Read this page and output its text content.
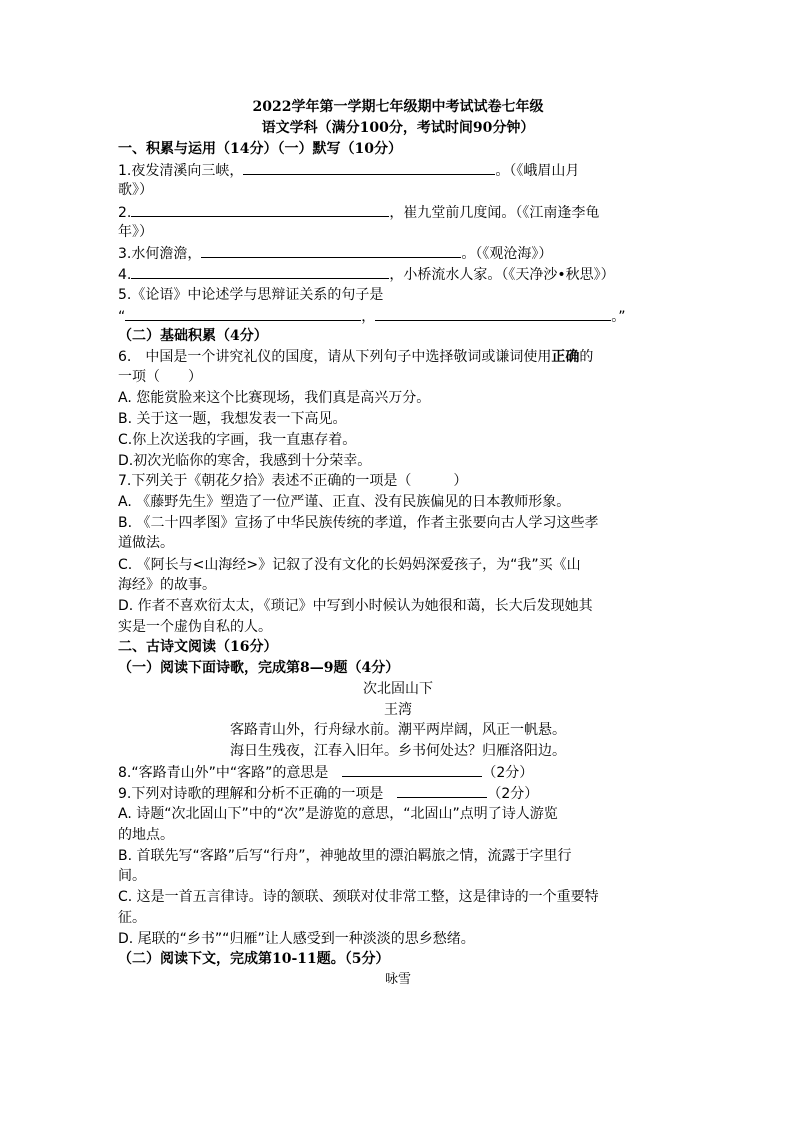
2022学年第一学期七年级期中考试试卷七年级
语文学科（满分100分，考试时间90分钟）
一、积累与运用（14分）（一）默写（10分）
1.夜发清溪向三峡，	。（《峨眉山月
歌》）
2.	，崔九堂前几度闻。（《江南逢李龟
年》）
3.水何澹澹，	。（《观沧海》）
4.	，小桥流水人家。（《天净沙•秋思》）
5.《论语》中论述学与思辩证关系的句子是
“	，	。”
（二）基础积累（4分）
6.　中国是一个讲究礼仪的国度，请从下列句子中选择敬词或谦词使用正确的
一项（　　）
A. 您能赏脸来这个比赛现场，我们真是高兴万分。
B. 关于这一题，我想发表一下高见。
C.你上次送我的字画，我一直惠存着。
D.初次光临你的寒舍，我感到十分荣幸。
7.下列关于《朝花夕拾》表述不正确的一项是（　　　）
A. 《藤野先生》塑造了一位严谨、正直、没有民族偏见的日本教师形象。
B. 《二十四孝图》宣扬了中华民族传统的孝道，作者主张要向古人学习这些孝
道做法。
C. 《阿长与<山海经>》记叙了没有文化的长妈妈深爱孩子，为“我”买《山
海经》的故事。
D. 作者不喜欢衍太太，《琐记》中写到小时候认为她很和蔼，长大后发现她其
实是一个虚伪自私的人。
二、古诗文阅读（16分）
（一）阅读下面诗歌，完成第8—9题（4分）
次北固山下
王湾
客路青山外，行舟绿水前。潮平两岸阔，风正一帆悬。
海日生残夜，江春入旧年。乡书何处达？归雁洛阳边。
8.“客路青山外”中“客路”的意思是　	（2分）
9.下列对诗歌的理解和分析不正确的一项是　	（2分）
A. 诗题“次北固山下”中的“次”是游览的意思，“北固山”点明了诗人游览
的地点。
B. 首联先写“客路”后写“行舟”，神驰故里的漂泊羁旅之情，流露于字里行
间。
C. 这是一首五言律诗。诗的颔联、颈联对仗非常工整，这是律诗的一个重要特
征。
D. 尾联的“乡书”“归雁”让人感受到一种淡淡的思乡愁绪。
（二）阅读下文，完成第10-11题。（5分）
咏雪
